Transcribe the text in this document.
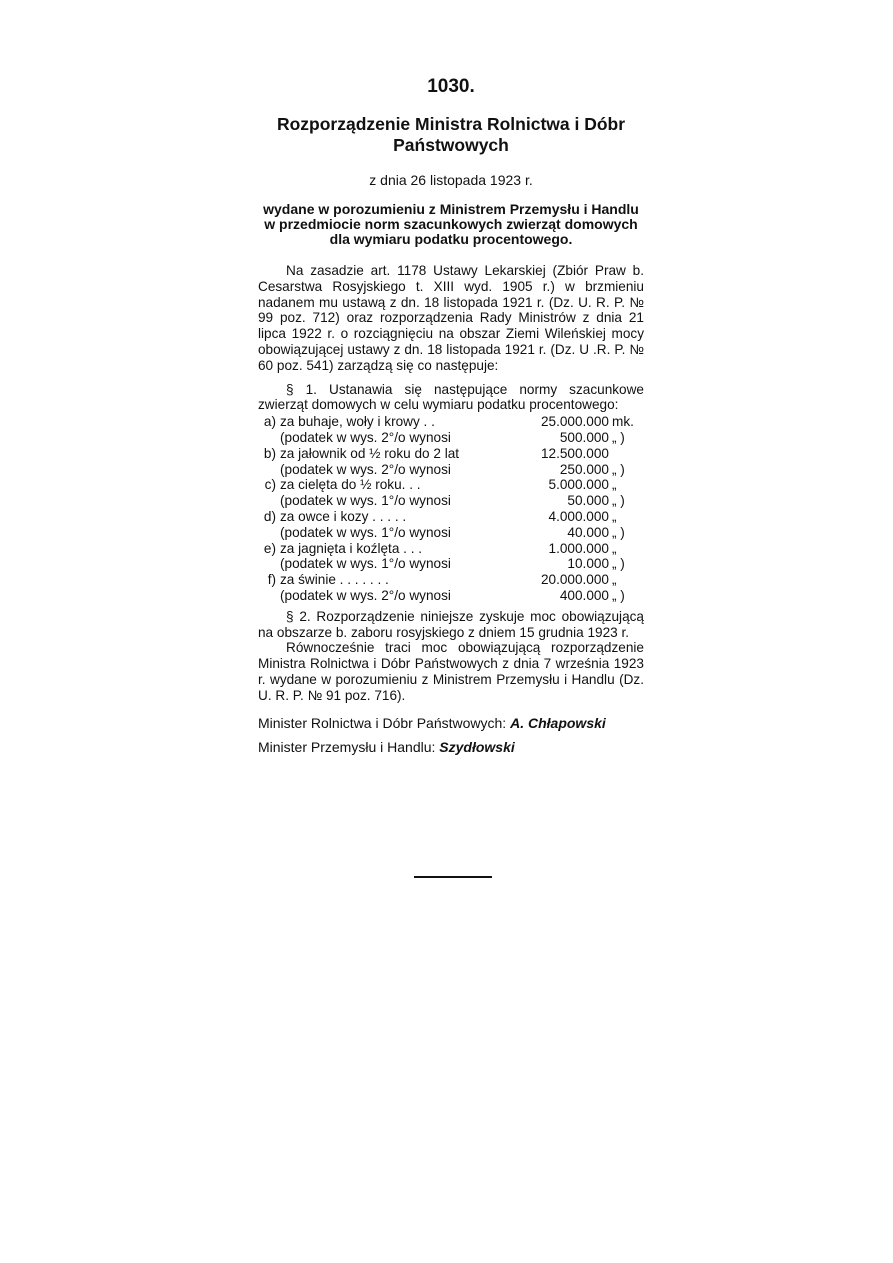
1030.
Rozporządzenie Ministra Rolnictwa i Dóbr Państwowych
z dnia 26 listopada 1923 r.
wydane w porozumieniu z Ministrem Przemysłu i Handlu w przedmiocie norm szacunkowych zwierząt domowych dla wymiaru podatku procentowego.

Na zasadzie art. 1178 Ustawy Lekarskiej (Zbiór Praw b. Cesarstwa Rosyjskiego t. XIII wyd. 1905 r.) w brzmieniu nadanem mu ustawą z dn. 18 listopada 1921 r. (Dz. U. R. P. № 99 poz. 712) oraz rozporządzenia Rady Ministrów z dnia 21 lipca 1922 r. o rozciągnięciu na obszar Ziemi Wileńskiej mocy obowiązującej ustawy z dn. 18 listopada 1921 r. (Dz. U .R. P. № 60 poz. 541) zarządzą się co następuje:

§ 1. Ustanawia się następujące normy szacunkowe zwierząt domowych w celu wymiaru podatku procentowego:

a)	za buhaje, woły i krowy . .	25.000.000	mk.
	(podatek w wys. 2°/o wynosi	500.000	„ )
b)	za jałownik od ½ roku do 2 lat	12.500.000	
	(podatek w wys. 2°/o wynosi	250.000	„ )
c)	za cielęta do ½ roku. . .	5.000.000	„
	(podatek w wys. 1°/o wynosi	50.000	„ )
d)	za owce i kozy . . . . .	4.000.000	„
	(podatek w wys. 1°/o wynosi	40.000	„ )
e)	za jagnięta i koźlęta . . .	1.000.000	„
	(podatek w wys. 1°/o wynosi	10.000	„ )
f)	za świnie . . . . . . .	20.000.000	„
	(podatek w wys. 2°/o wynosi	400.000	„ )

§ 2. Rozporządzenie niniejsze zyskuje moc obowiązującą na obszarze b. zaboru rosyjskiego z dniem 15 grudnia 1923 r.

Równocześnie traci moc obowiązującą rozporządzenie Ministra Rolnictwa i Dóbr Państwowych z dnia 7 września 1923 r. wydane w porozumieniu z Ministrem Przemysłu i Handlu (Dz. U. R. P. № 91 poz. 716).

Minister Rolnictwa i Dóbr Państwowych: A. Chłapowski
Minister Przemysłu i Handlu: Szydłowski
